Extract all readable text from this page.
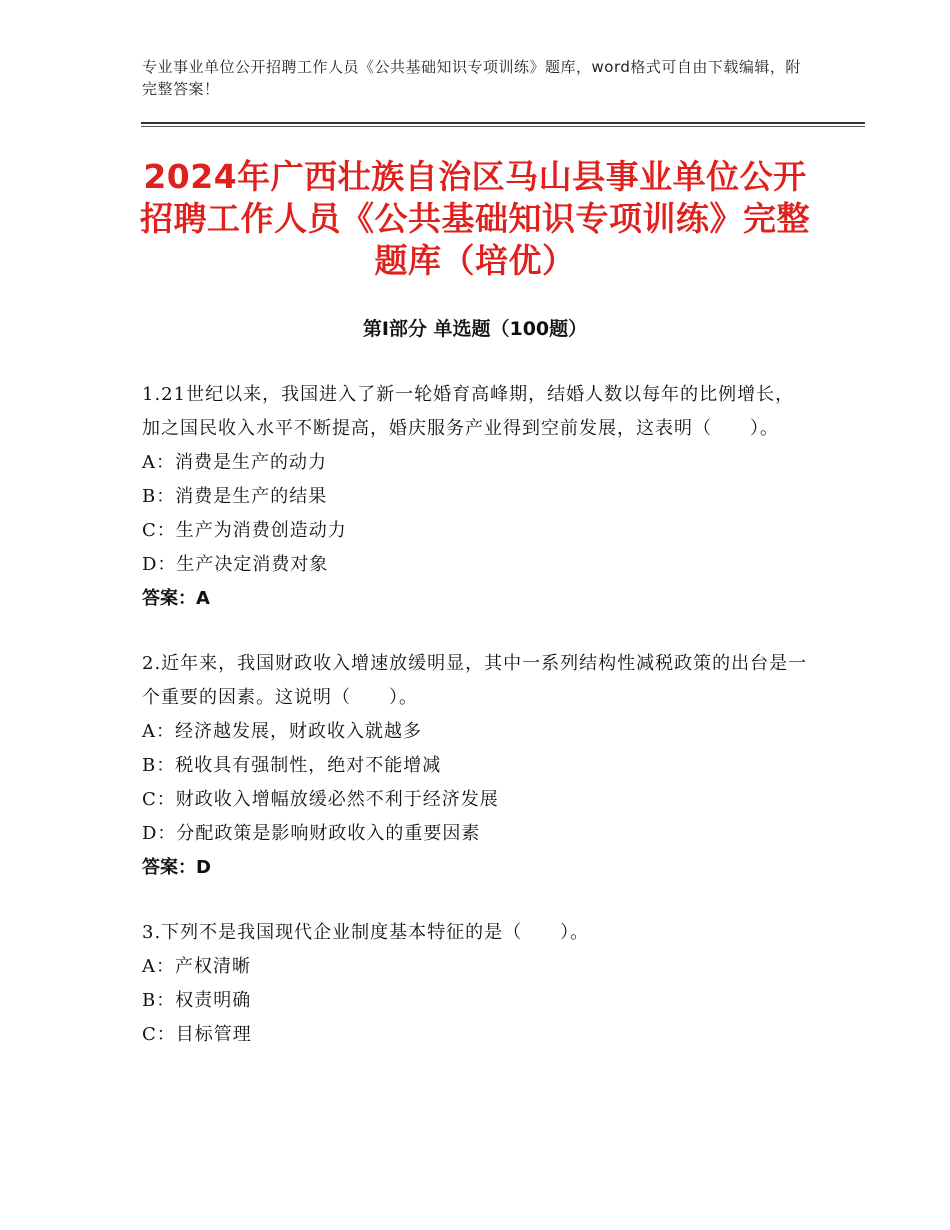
专业事业单位公开招聘工作人员《公共基础知识专项训练》题库，word格式可自由下载编辑，附完整答案！
2024年广西壮族自治区马山县事业单位公开招聘工作人员《公共基础知识专项训练》完整题库（培优）
第Ⅰ部分 单选题（100题）
1.21世纪以来，我国进入了新一轮婚育高峰期，结婚人数以每年的比例增长，加之国民收入水平不断提高，婚庆服务产业得到空前发展，这表明（　　）。
A：消费是生产的动力
B：消费是生产的结果
C：生产为消费创造动力
D：生产决定消费对象
答案：A
2.近年来，我国财政收入增速放缓明显，其中一系列结构性减税政策的出台是一个重要的因素。这说明（　　）。
A：经济越发展，财政收入就越多
B：税收具有强制性，绝对不能增减
C：财政收入增幅放缓必然不利于经济发展
D：分配政策是影响财政收入的重要因素
答案：D
3.下列不是我国现代企业制度基本特征的是（　　）。
A：产权清晰
B：权责明确
C：目标管理
